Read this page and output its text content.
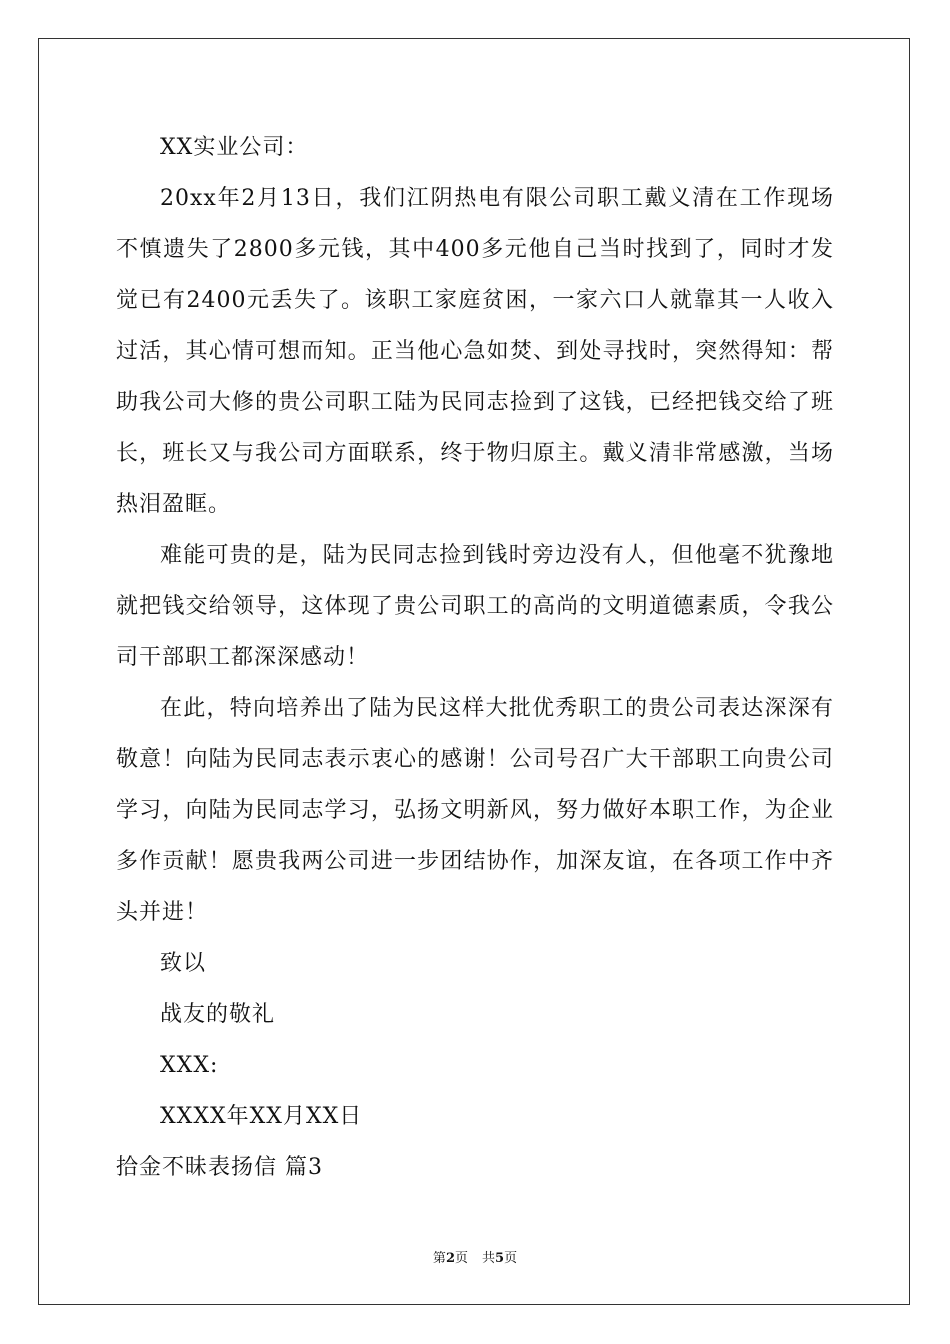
XX实业公司：

20xx年2月13日，我们江阴热电有限公司职工戴义清在工作现场不慎遗失了2800多元钱，其中400多元他自己当时找到了，同时才发觉已有2400元丢失了。该职工家庭贫困，一家六口人就靠其一人收入过活，其心情可想而知。正当他心急如焚、到处寻找时，突然得知：帮助我公司大修的贵公司职工陆为民同志捡到了这钱，已经把钱交给了班长，班长又与我公司方面联系，终于物归原主。戴义清非常感激，当场热泪盈眶。

难能可贵的是，陆为民同志捡到钱时旁边没有人，但他毫不犹豫地就把钱交给领导，这体现了贵公司职工的高尚的文明道德素质，令我公司干部职工都深深感动！

在此，特向培养出了陆为民这样大批优秀职工的贵公司表达深深有敬意！向陆为民同志表示衷心的感谢！公司号召广大干部职工向贵公司学习，向陆为民同志学习，弘扬文明新风，努力做好本职工作，为企业多作贡献！愿贵我两公司进一步团结协作，加深友谊，在各项工作中齐头并进！

致以

战友的敬礼

XXX:

XXXX年XX月XX日

拾金不昧表扬信 篇3

第2页 共5页
